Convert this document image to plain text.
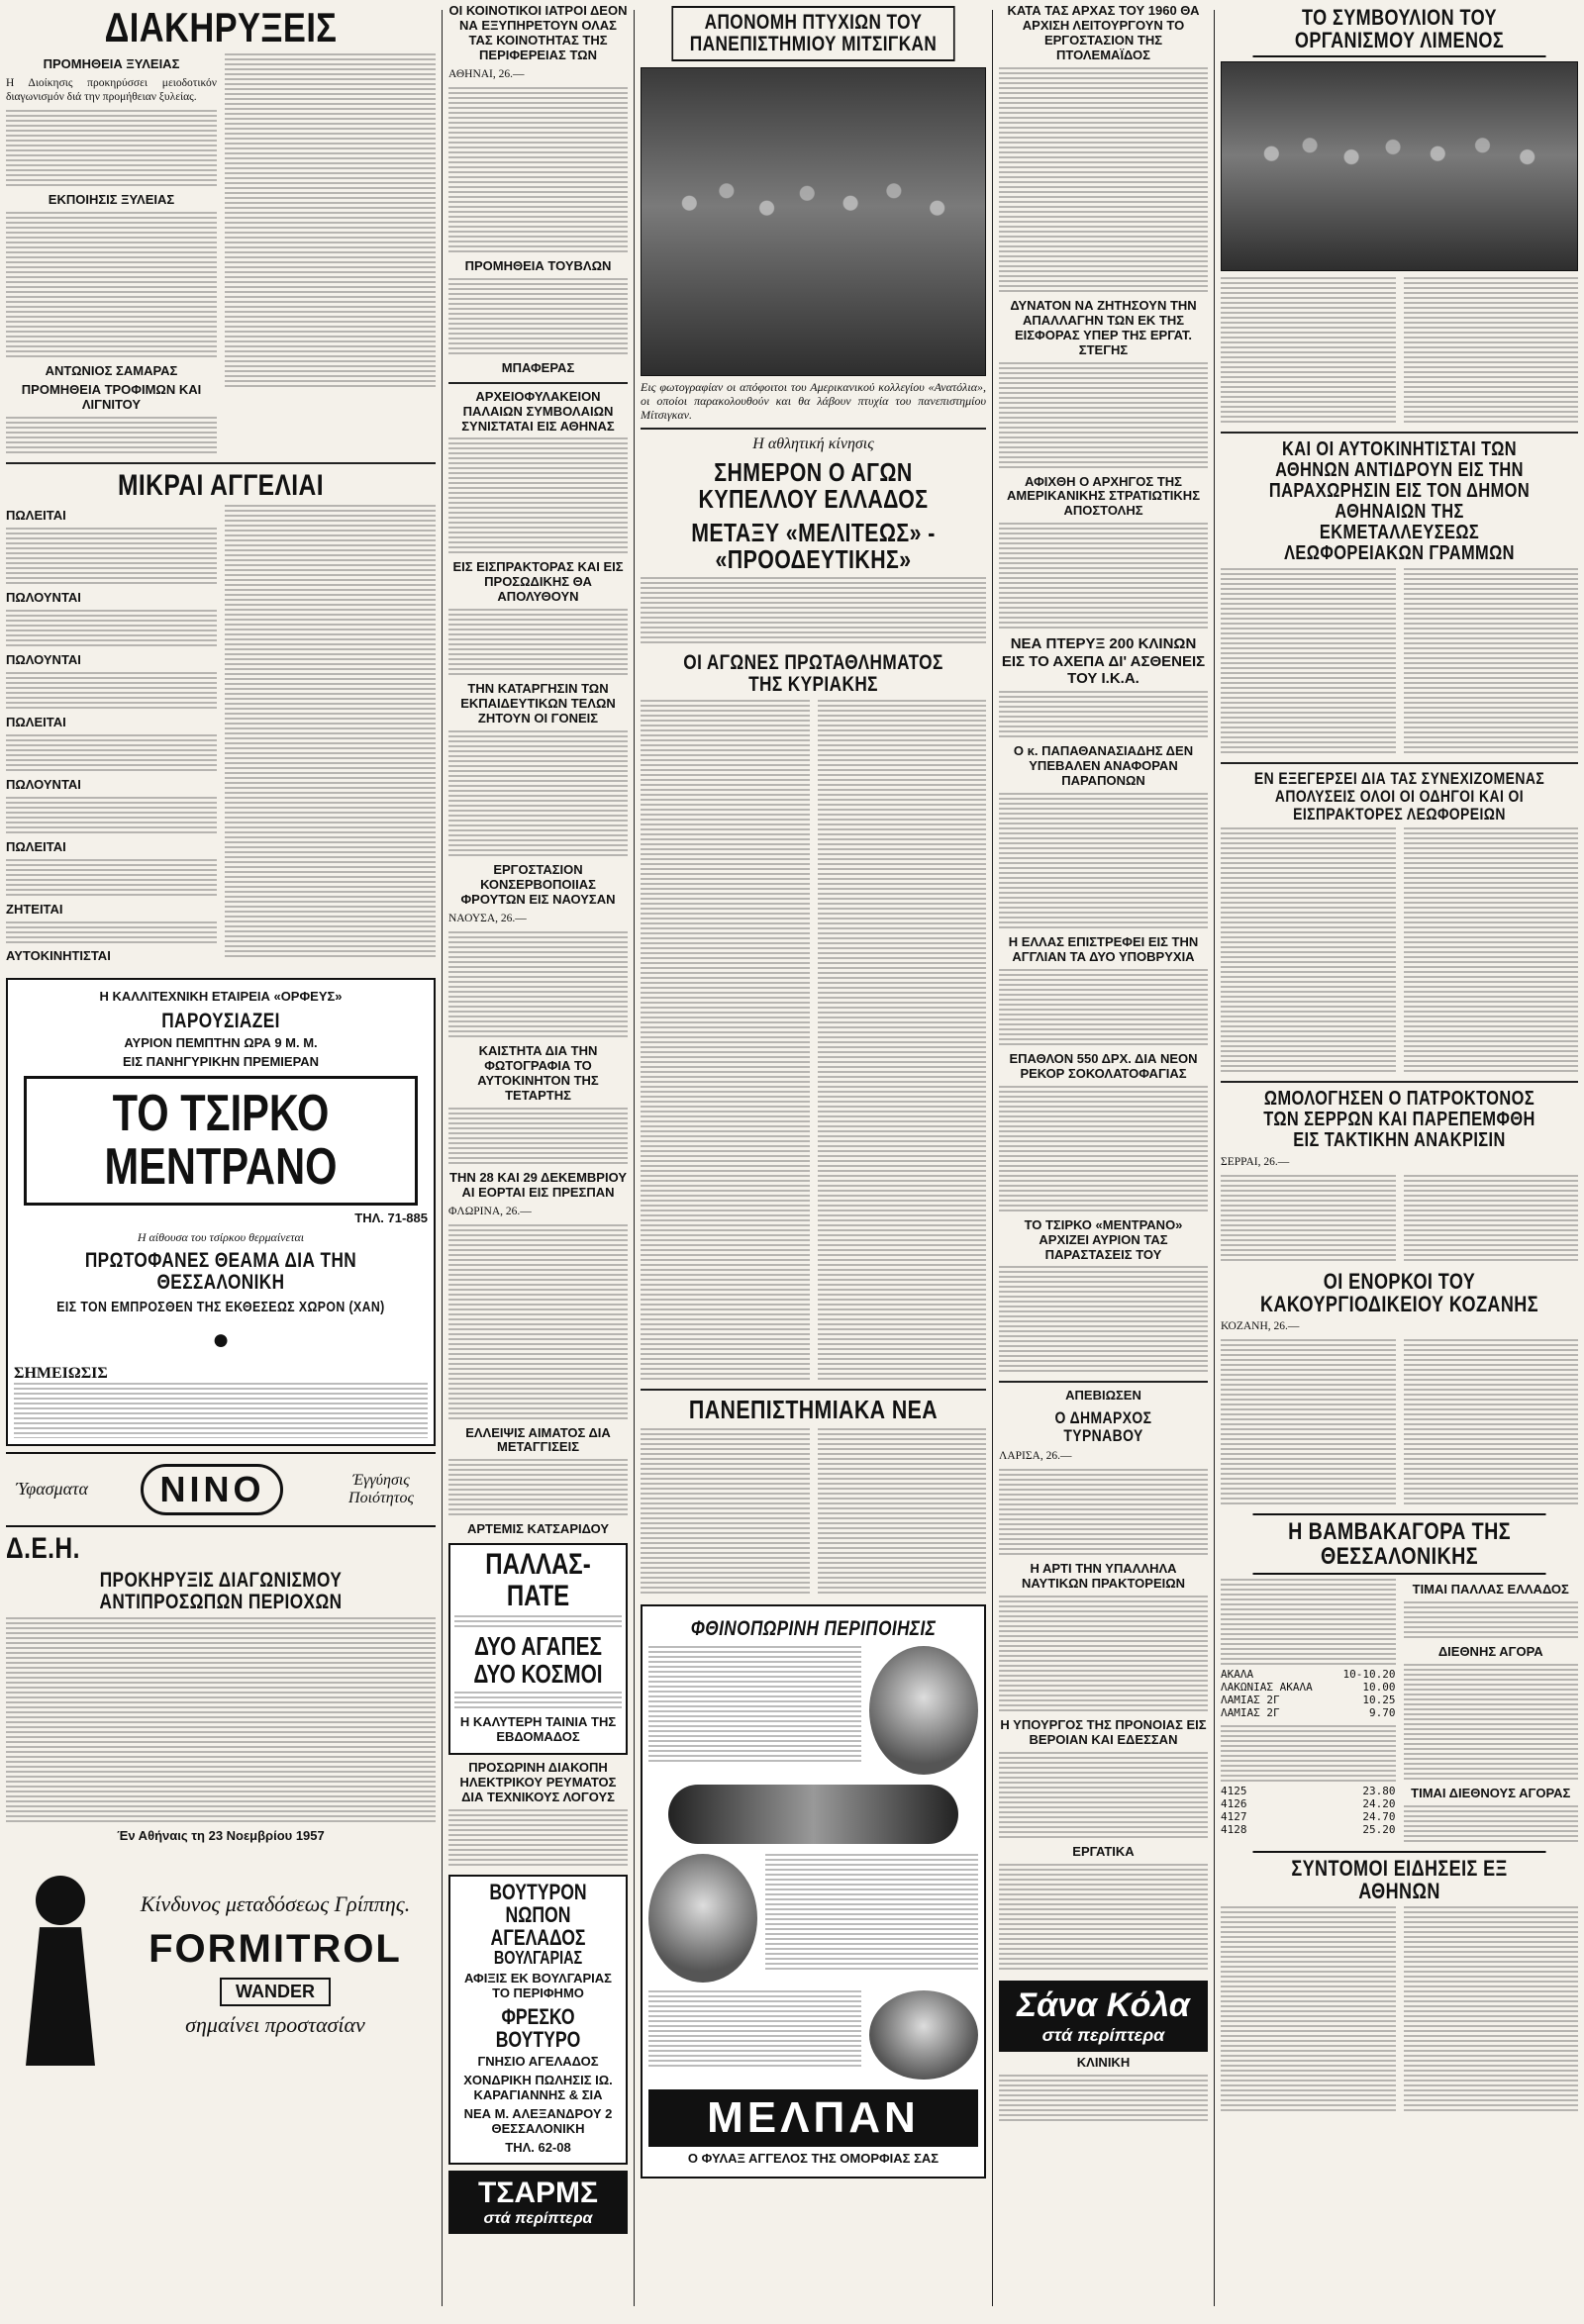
ΔΙΑΚΗΡΥΞΕΙΣ
ΠΡΟΜΗΘΕΙΑ ΞΥΛΕΙΑΣ
Η Διοίκησις προκηρύσσει μειοδοτικόν διαγωνισμόν διά την προμήθειαν ξυλείας.
ΕΚΠΟΙΗΣΙΣ ΞΥΛΕΙΑΣ
ΑΝΤΩΝΙΟΣ ΣΑΜΑΡΑΣ
ΠΡΟΜΗΘΕΙΑ ΤΡΟΦΙΜΩΝ ΚΑΙ ΛΙΓΝΙΤΟΥ
ΜΙΚΡΑΙ ΑΓΓΕΛΙΑΙ
ΠΩΛΕΙΤΑΙ
ΠΩΛΟΥΝΤΑΙ
ΠΩΛΟΥΝΤΑΙ
ΠΩΛΕΙΤΑΙ
ΠΩΛΟΥΝΤΑΙ
ΠΩΛΕΙΤΑΙ
ΖΗΤΕΙΤΑΙ
ΑΥΤΟΚΙΝΗΤΙΣΤΑΙ
Η ΚΑΛΛΙΤΕΧΝΙΚΗ ΕΤΑΙΡΕΙΑ «ΟΡΦΕΥΣ»
ΠΑΡΟΥΣΙΑΖΕΙ
ΑΥΡΙΟΝ ΠΕΜΠΤΗΝ ΩΡΑ 9 Μ. Μ.
ΕΙΣ ΠΑΝΗΓΥΡΙΚΗΝ ΠΡΕΜΙΕΡΑΝ
ΤΟ ΤΣΙΡΚΟ ΜΕΝΤΡΑΝΟ
ΤΗΛ. 71-885
Η αίθουσα του τσίρκου θερμαίνεται
ΠΡΩΤΟΦΑΝΕΣ ΘΕΑΜΑ ΔΙΑ ΤΗΝ ΘΕΣΣΑΛΟΝΙΚΗ
ΕΙΣ ΤΟΝ ΕΜΠΡΟΣΘΕΝ ΤΗΣ ΕΚΘΕΣΕΩΣ ΧΩΡΟΝ (ΧΑΝ)
●
ΣΗΜΕΙΩΣΙΣ
Ύφασματα	NINO	Έγγύησις Ποιότητος
Δ.Ε.Η.
ΠΡΟΚΗΡΥΞΙΣ ΔΙΑΓΩΝΙΣΜΟΥ ΑΝΤΙΠΡΟΣΩΠΩΝ ΠΕΡΙΟΧΩΝ
Έν Αθήναις τη 23 Νοεμβρίου 1957
Κίνδυνος μεταδόσεως Γρίππης.
FORMITROL
WANDER
σημαίνει προστασίαν
ΟΙ ΚΟΙΝΟΤΙΚΟΙ ΙΑΤΡΟΙ ΔΕΟΝ ΝΑ ΕΞΥΠΗΡΕΤΟΥΝ ΟΛΑΣ ΤΑΣ ΚΟΙΝΟΤΗΤΑΣ ΤΗΣ ΠΕΡΙΦΕΡΕΙΑΣ ΤΩΝ
ΑΘΗΝΑΙ, 26.—
ΠΡΟΜΗΘΕΙΑ ΤΟΥΒΛΩΝ
ΜΠΑΦΕΡΑΣ
ΑΡΧΕΙΟΦΥΛΑΚΕΙΟΝ ΠΑΛΑΙΩΝ ΣΥΜΒΟΛΑΙΩΝ ΣΥΝΙΣΤΑΤΑΙ ΕΙΣ ΑΘΗΝΑΣ
ΕΙΣ ΕΙΣΠΡΑΚΤΟΡΑΣ ΚΑΙ ΕΙΣ ΠΡΟΣΩΔΙΚΗΣ ΘΑ ΑΠΟΛΥΘΟΥΝ
ΤΗΝ ΚΑΤΑΡΓΗΣΙΝ ΤΩΝ ΕΚΠΑΙΔΕΥΤΙΚΩΝ ΤΕΛΩΝ ΖΗΤΟΥΝ ΟΙ ΓΟΝΕΙΣ
ΕΡΓΟΣΤΑΣΙΟΝ ΚΟΝΣΕΡΒΟΠΟΙΙΑΣ ΦΡΟΥΤΩΝ ΕΙΣ ΝΑΟΥΣΑΝ
ΝΑΟΥΣΑ, 26.—
ΚΑΙΣΤΗΤΑ ΔΙΑ ΤΗΝ ΦΩΤΟΓΡΑΦΙΑ ΤΟ ΑΥΤΟΚΙΝΗΤΟΝ ΤΗΣ ΤΕΤΑΡΤΗΣ
ΤΗΝ 28 ΚΑΙ 29 ΔΕΚΕΜΒΡΙΟΥ ΑΙ ΕΟΡΤΑΙ ΕΙΣ ΠΡΕΣΠΑΝ
ΦΛΩΡΙΝΑ, 26.—
ΕΛΛΕΙΨΙΣ ΑΙΜΑΤΟΣ ΔΙΑ ΜΕΤΑΓΓΙΣΕΙΣ
ΑΡΤΕΜΙΣ ΚΑΤΣΑΡΙΔΟΥ
ΠΑΛΛΑΣ-ΠΑΤΕ
ΔΥΟ ΑΓΑΠΕΣ ΔΥΟ ΚΟΣΜΟΙ
Η ΚΑΛΥΤΕΡΗ ΤΑΙΝΙΑ ΤΗΣ ΕΒΔΟΜΑΔΟΣ
ΠΡΟΣΩΡΙΝΗ ΔΙΑΚΟΠΗ ΗΛΕΚΤΡΙΚΟΥ ΡΕΥΜΑΤΟΣ ΔΙΑ ΤΕΧΝΙΚΟΥΣ ΛΟΓΟΥΣ
ΒΟΥΤΥΡΟΝ ΝΩΠΟΝ ΑΓΕΛΑΔΟΣ
ΒΟΥΛΓΑΡΙΑΣ
ΑΦΙΞΙΣ ΕΚ ΒΟΥΛΓΑΡΙΑΣ ΤΟ ΠΕΡΙΦΗΜΟ
ΦΡΕΣΚΟ ΒΟΥΤΥΡΟ
ΓΝΗΣΙΟ ΑΓΕΛΑΔΟΣ
ΧΟΝΔΡΙΚΗ ΠΩΛΗΣΙΣ ΙΩ. ΚΑΡΑΓΙΑΝΝΗΣ & ΣΙΑ
ΝΕΑ Μ. ΑΛΕΞΑΝΔΡΟΥ 2 ΘΕΣΣΑΛΟΝΙΚΗ
ΤΗΛ. 62-08
ΤΣΑΡΜΣ
στά περίπτερα
ΑΠΟΝΟΜΗ ΠΤΥΧΙΩΝ ΤΟΥ ΠΑΝΕΠΙΣΤΗΜΙΟΥ ΜΙΤΣΙΓΚΑΝ
Εις φωτογραφίαν οι απόφοιτοι του Αμερικανικού κολλεγίου «Ανατόλια», οι οποίοι παρακολουθούν και θα λάβουν πτυχία του πανεπιστημίου Μίτσιγκαν.
Η αθλητική κίνησις
ΣΗΜΕΡΟΝ Ο ΑΓΩΝ ΚΥΠΕΛΛΟΥ ΕΛΛΑΔΟΣ
ΜΕΤΑΞΥ «ΜΕΛΙΤΕΩΣ» - «ΠΡΟΟΔΕΥΤΙΚΗΣ»
ΟΙ ΑΓΩΝΕΣ ΠΡΩΤΑΘΛΗΜΑΤΟΣ ΤΗΣ ΚΥΡΙΑΚΗΣ
ΠΑΝΕΠΙΣΤΗΜΙΑΚΑ ΝΕΑ
ΦΘΙΝΟΠΩΡΙΝΗ ΠΕΡΙΠΟΙΗΣΙΣ
ΜΕΛΠΑΝ
Ο ΦΥΛΑΞ ΑΓΓΕΛΟΣ ΤΗΣ ΟΜΟΡΦΙΑΣ ΣΑΣ
ΚΑΤΑ ΤΑΣ ΑΡΧΑΣ ΤΟΥ 1960 ΘΑ ΑΡΧΙΣΗ ΛΕΙΤΟΥΡΓΟΥΝ ΤΟ ΕΡΓΟΣΤΑΣΙΟΝ ΤΗΣ ΠΤΟΛΕΜΑΪΔΟΣ
ΔΥΝΑΤΟΝ ΝΑ ΖΗΤΗΣΟΥΝ ΤΗΝ ΑΠΑΛΛΑΓΗΝ ΤΩΝ ΕΚ ΤΗΣ ΕΙΣΦΟΡΑΣ ΥΠΕΡ ΤΗΣ ΕΡΓΑΤ. ΣΤΕΓΗΣ
ΑΦΙΧΘΗ Ο ΑΡΧΗΓΟΣ ΤΗΣ ΑΜΕΡΙΚΑΝΙΚΗΣ ΣΤΡΑΤΙΩΤΙΚΗΣ ΑΠΟΣΤΟΛΗΣ
ΝΕΑ ΠΤΕΡΥΞ 200 ΚΛΙΝΩΝ ΕΙΣ ΤΟ ΑΧΕΠΑ ΔΙ' ΑΣΘΕΝΕΙΣ ΤΟΥ Ι.Κ.Α.
Ο κ. ΠΑΠΑΘΑΝΑΣΙΑΔΗΣ ΔΕΝ ΥΠΕΒΑΛΕΝ ΑΝΑΦΟΡΑΝ ΠΑΡΑΠΟΝΩΝ
Η ΕΛΛΑΣ ΕΠΙΣΤΡΕΦΕΙ ΕΙΣ ΤΗΝ ΑΓΓΛΙΑΝ ΤΑ ΔΥΟ ΥΠΟΒΡΥΧΙΑ
ΕΠΑΘΛΟΝ 550 ΔΡΧ. ΔΙΑ ΝΕΟΝ ΡΕΚΟΡ ΣΟΚΟΛΑΤΟΦΑΓΙΑΣ
ΤΟ ΤΣΙΡΚΟ «ΜΕΝΤΡΑΝΟ» ΑΡΧΙΖΕΙ ΑΥΡΙΟΝ ΤΑΣ ΠΑΡΑΣΤΑΣΕΙΣ ΤΟΥ
ΑΠΕΒΙΩΣΕΝ
Ο ΔΗΜΑΡΧΟΣ ΤΥΡΝΑΒΟΥ
ΛΑΡΙΣΑ, 26.—
Η ΑΡΤΙ ΤΗΝ ΥΠΑΛΛΗΛΑ ΝΑΥΤΙΚΩΝ ΠΡΑΚΤΟΡΕΙΩΝ
Η ΥΠΟΥΡΓΟΣ ΤΗΣ ΠΡΟΝΟΙΑΣ ΕΙΣ ΒΕΡΟΙΑΝ ΚΑΙ ΕΔΕΣΣΑΝ
ΕΡΓΑΤΙΚΑ
Σάνα Κόλα
στά περίπτερα
ΚΛΙΝΙΚΗ
ΤΟ ΣΥΜΒΟΥΛΙΟΝ ΤΟΥ ΟΡΓΑΝΙΣΜΟΥ ΛΙΜΕΝΟΣ
ΚΑΙ ΟΙ ΑΥΤΟΚΙΝΗΤΙΣΤΑΙ ΤΩΝ ΑΘΗΝΩΝ ΑΝΤΙΔΡΟΥΝ ΕΙΣ ΤΗΝ ΠΑΡΑΧΩΡΗΣΙΝ ΕΙΣ ΤΟΝ ΔΗΜΟΝ ΑΘΗΝΑΙΩΝ ΤΗΣ ΕΚΜΕΤΑΛΛΕΥΣΕΩΣ ΛΕΩΦΟΡΕΙΑΚΩΝ ΓΡΑΜΜΩΝ
ΕΝ ΕΞΕΓΕΡΣΕΙ ΔΙΑ ΤΑΣ ΣΥΝΕΧΙΖΟΜΕΝΑΣ ΑΠΟΛΥΣΕΙΣ ΟΛΟΙ ΟΙ ΟΔΗΓΟΙ ΚΑΙ ΟΙ ΕΙΣΠΡΑΚΤΟΡΕΣ ΛΕΩΦΟΡΕΙΩΝ
ΩΜΟΛΟΓΗΣΕΝ Ο ΠΑΤΡΟΚΤΟΝΟΣ ΤΩΝ ΣΕΡΡΩΝ ΚΑΙ ΠΑΡΕΠΕΜΦΘΗ ΕΙΣ ΤΑΚΤΙΚΗΝ ΑΝΑΚΡΙΣΙΝ
ΣΕΡΡΑΙ, 26.—
ΟΙ ΕΝΟΡΚΟΙ ΤΟΥ ΚΑΚΟΥΡΓΙΟΔΙΚΕΙΟΥ ΚΟΖΑΝΗΣ
ΚΟΖΑΝΗ, 26.—
Η ΒΑΜΒΑΚΑΓΟΡΑ ΤΗΣ ΘΕΣΣΑΛΟΝΙΚΗΣ
ΑΚΑΛΑ	10-10.20
ΛΑΚΩΝΙΑΣ ΑΚΑΛΑ	10.00
ΛΑΜΙΑΣ 2Γ	10.25
ΛΑΜΙΑΣ 2Γ	9.70
4125	23.80
4126	24.20
4127	24.70
4128	25.20
ΤΙΜΑΙ ΠΑΛΛΑΣ ΕΛΛΑΔΟΣ
ΔΙΕΘΝΗΣ ΑΓΟΡΑ
ΤΙΜΑΙ ΔΙΕΘΝΟΥΣ ΑΓΟΡΑΣ
ΣΥΝΤΟΜΟΙ ΕΙΔΗΣΕΙΣ ΕΞ ΑΘΗΝΩΝ
